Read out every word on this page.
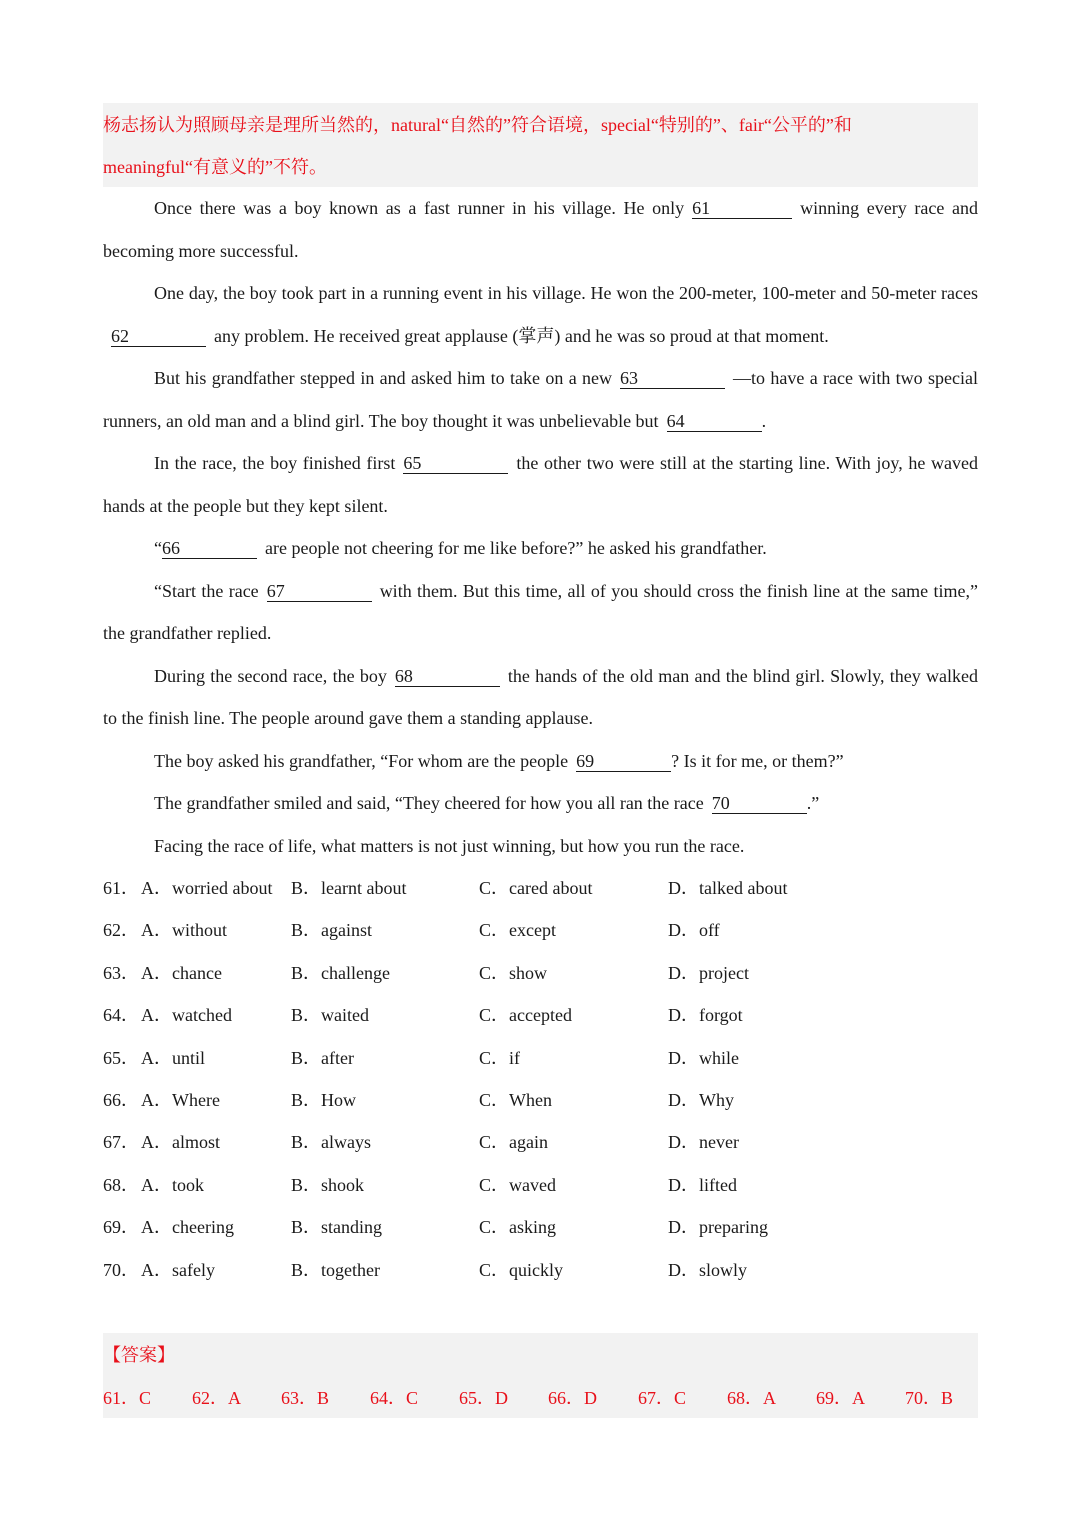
杨志扬认为照顾母亲是理所当然的，natural“自然的”符合语境，special“特别的”、fair“公平的”和

meaningful“有意义的”不符。

Once there was a boy known as a fast runner in his village. He only 61	winning every race and becoming more successful.

One day, the boy took part in a running event in his village. He won the 200-meter, 100-meter and 50-meter races62	any problem. He received great applause (掌声) and he was so proud at that moment.

But his grandfather stepped in and asked him to take on a new 63	—to have a race with two special runners, an old man and a blind girl. The boy thought it was unbelievable but 64	.

In the race, the boy finished first 65	the other two were still at the starting line. With joy, he waved hands at the people but they kept silent.

“66	are people not cheering for me like before?” he asked his grandfather.

“Start the race 67	with them. But this time, all of you should cross the finish line at the same time,” the grandfather replied.

During the second race, the boy 68	the hands of the old man and the blind girl. Slowly, they walked to the finish line. The people around gave them a standing applause.

The boy asked his grandfather, “For whom are the people 69	? Is it for me, or them?”

The grandfather smiled and said, “They cheered for how you all ran the race 70	.”

Facing the race of life, what matters is not just winning, but how you run the race.

61． A．worried about B．learnt about	C．cared about	D．talked about
62． A．without	B．against	C．except	D．off
63． A．chance	B．challenge	C．show	D．project
64． A．watched	B．waited	C．accepted	D．forgot
65． A．until	B．after	C．if	D．while
66． A．Where	B．How	C．When	D．Why
67． A．almost	B．always	C．again	D．never
68． A．took	B．shook	C．waved	D．lifted
69． A．cheering	B．standing	C．asking	D．preparing
70． A．safely	B．together	C．quickly	D．slowly
【答案】
61．C 62．A 63．B 64．C 65．D 66．D 67．C 68．A 69．A 70．B
